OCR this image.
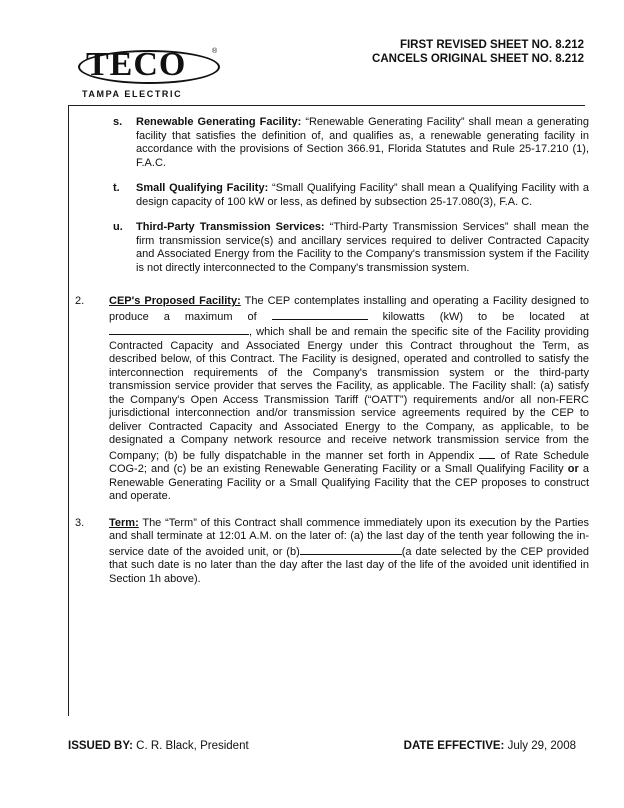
TECO	®
TAMPA ELECTRIC
FIRST REVISED SHEET NO. 8.212
CANCELS ORIGINAL SHEET NO. 8.212
s. Renewable Generating Facility: “Renewable Generating Facility” shall mean a generating facility that satisfies the definition of, and qualifies as, a renewable generating facility in accordance with the provisions of Section 366.91, Florida Statutes and Rule 25-17.210 (1), F.A.C.
t. Small Qualifying Facility: “Small Qualifying Facility” shall mean a Qualifying Facility with a design capacity of 100 kW or less, as defined by subsection 25-17.080(3), F.A. C.
u. Third-Party Transmission Services: “Third-Party Transmission Services” shall mean the firm transmission service(s) and ancillary services required to deliver Contracted Capacity and Associated Energy from the Facility to the Company's transmission system if the Facility is not directly interconnected to the Company's transmission system.
2. CEP's Proposed Facility: The CEP contemplates installing and operating a Facility designed to produce a maximum of	kilowatts (kW) to be located at , which shall be and remain the specific site of the Facility providing Contracted Capacity and Associated Energy under this Contract throughout the Term, as described below, of this Contract. The Facility is designed, operated and controlled to satisfy the interconnection requirements of the Company's transmission system or the third-party transmission service provider that serves the Facility, as applicable. The Facility shall: (a) satisfy the Company's Open Access Transmission Tariff (“OATT”) requirements and/or all non-FERC jurisdictional interconnection and/or transmission service agreements required by the CEP to deliver Contracted Capacity and Associated Energy to the Company, as applicable, to be designated a Company network resource and receive network transmission service from the Company; (b) be fully dispatchable in the manner set forth in Appendix of Rate Schedule COG-2; and (c) be an existing Renewable Generating Facility or a Small Qualifying Facility or a Renewable Generating Facility or a Small Qualifying Facility that the CEP proposes to construct and operate.
3. Term: The “Term” of this Contract shall commence immediately upon its execution by the Parties and shall terminate at 12:01 A.M. on the later of: (a) the last day of the tenth year following the in-service date of the avoided unit, or (b)	(a date selected by the CEP provided that such date is no later than the day after the last day of the life of the avoided unit identified in Section 1h above).
ISSUED BY: C. R. Black, President	DATE EFFECTIVE: July 29, 2008
